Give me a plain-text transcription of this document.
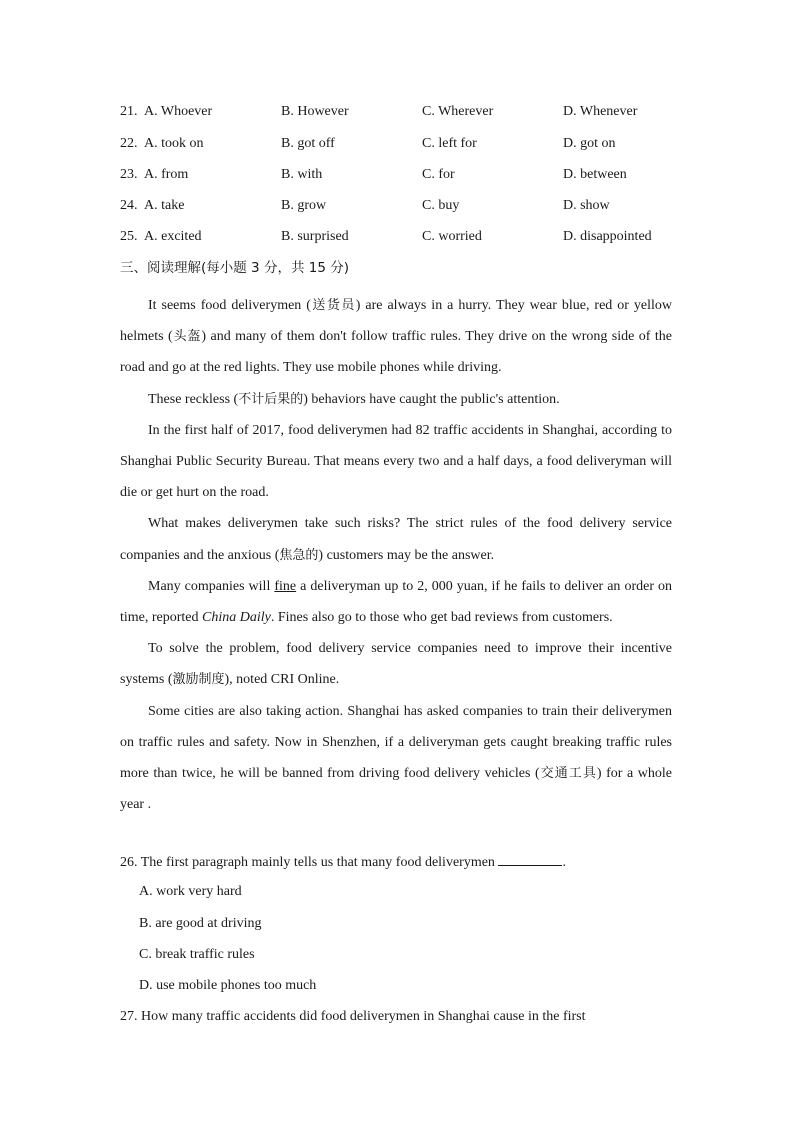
21. A. Whoever	B. However	C. Wherever	D. Whenever
22. A. took on	B. got off	C. left for	D. got on
23. A. from	B. with	C. for	D. between
24. A. take	B. grow	C. buy	D. show
25. A. excited	B. surprised	C. worried	D. disappointed
三、阅读理解(每小题 3 分，共 15 分)

It seems food deliverymen (送货员) are always in a hurry. They wear blue, red or yellow helmets (头盔) and many of them don't follow traffic rules. They drive on the wrong side of the road and go at the red lights. They use mobile phones while driving.

These reckless (不计后果的) behaviors have caught the public's attention.

In the first half of 2017, food deliverymen had 82 traffic accidents in Shanghai, according to Shanghai Public Security Bureau. That means every two and a half days, a food deliveryman will die or get hurt on the road.

What makes deliverymen take such risks? The strict rules of the food delivery service companies and the anxious (焦急的) customers may be the answer.

Many companies will fine a deliveryman up to 2, 000 yuan, if he fails to deliver an order on time, reported China Daily. Fines also go to those who get bad reviews from customers.

To solve the problem, food delivery service companies need to improve their incentive systems (激励制度), noted CRI Online.

Some cities are also taking action. Shanghai has asked companies to train their deliverymen on traffic rules and safety. Now in Shenzhen, if a deliveryman gets caught breaking traffic rules more than twice, he will be banned from driving food delivery vehicles (交通工具) for a whole year .

26. The first paragraph mainly tells us that many food deliverymen	.
A. work very hard
B. are good at driving
C. break traffic rules
D. use mobile phones too much
27. How many traffic accidents did food deliverymen in Shanghai cause in the first
